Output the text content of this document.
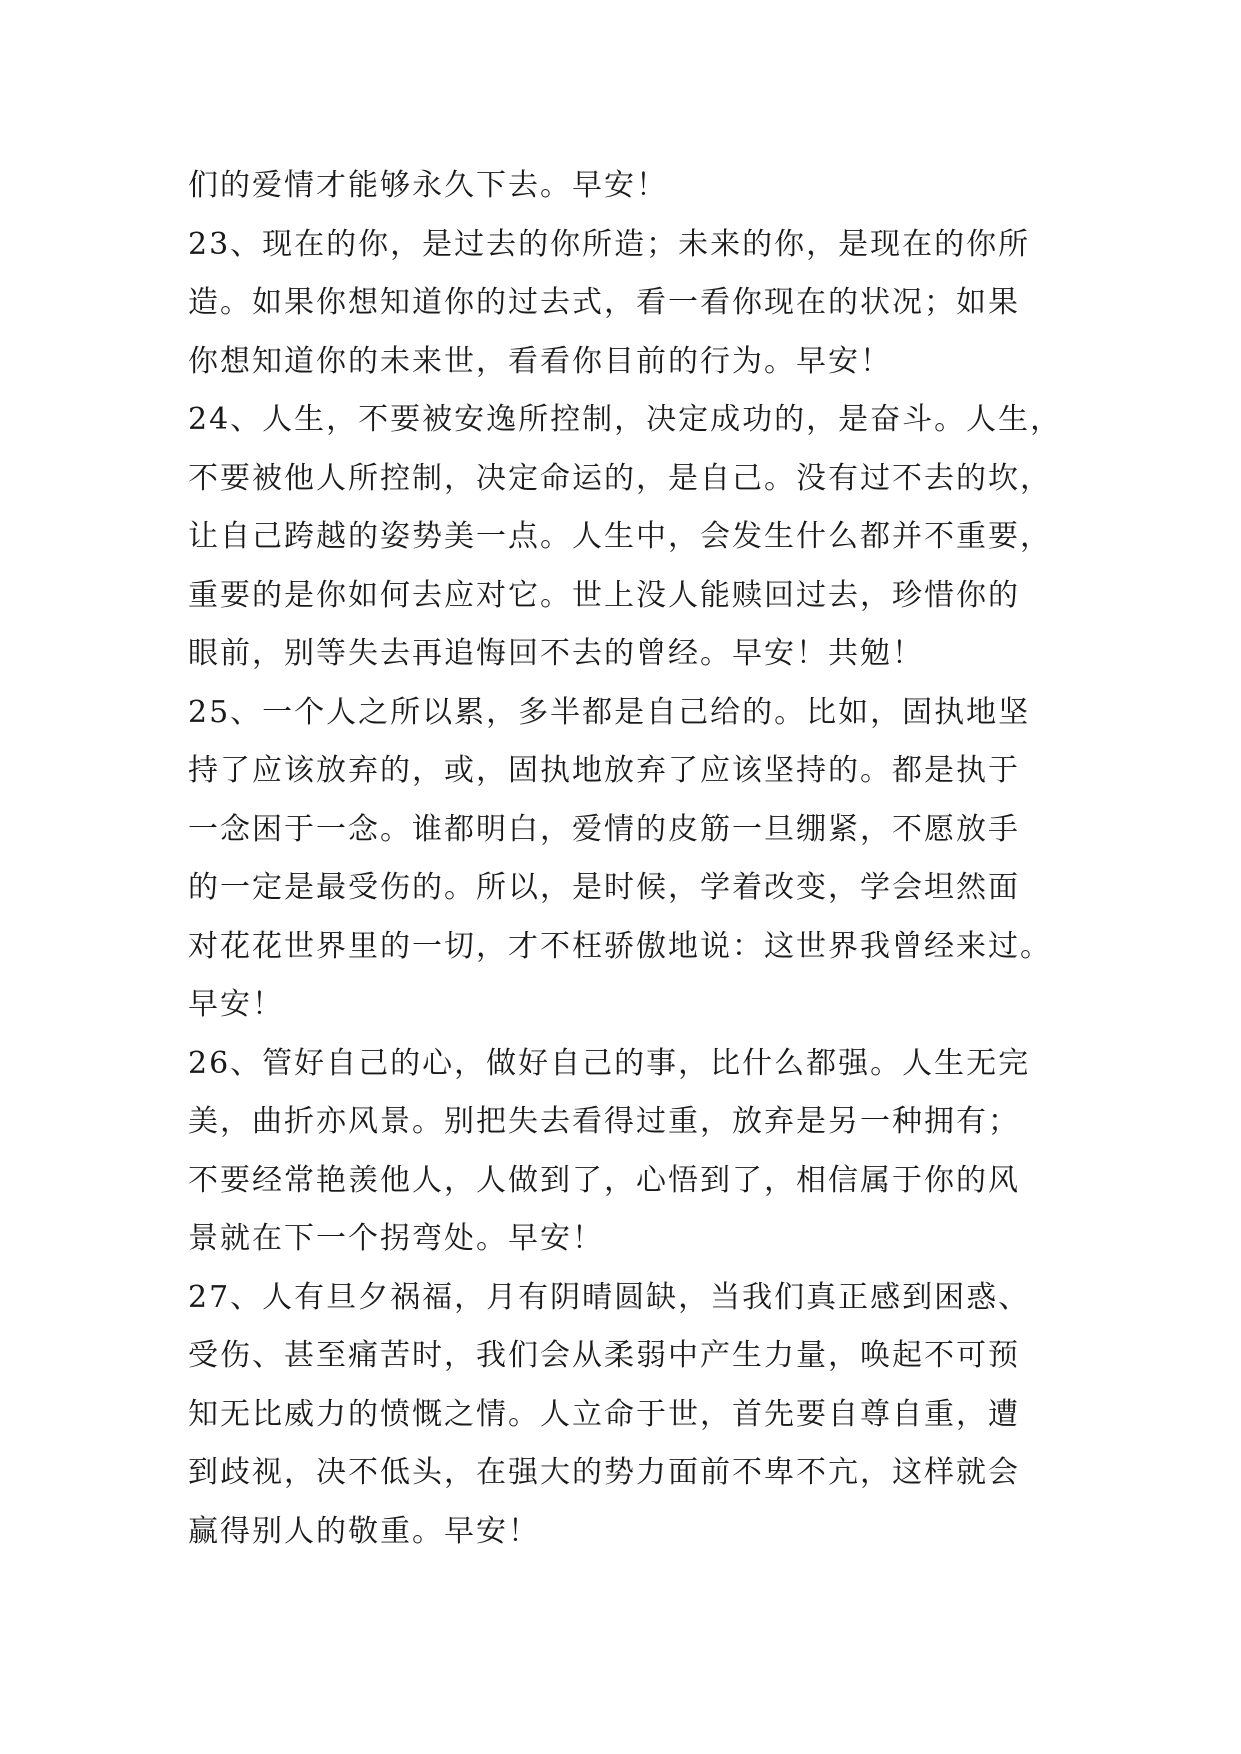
们的爱情才能够永久下去。早安！
23、现在的你，是过去的你所造；未来的你，是现在的你所
造。如果你想知道你的过去式，看一看你现在的状况；如果
你想知道你的未来世，看看你目前的行为。早安！
24、人生，不要被安逸所控制，决定成功的，是奋斗。人生，
不要被他人所控制，决定命运的，是自己。没有过不去的坎，
让自己跨越的姿势美一点。人生中，会发生什么都并不重要，
重要的是你如何去应对它。世上没人能赎回过去，珍惜你的
眼前，别等失去再追悔回不去的曾经。早安！共勉！
25、一个人之所以累，多半都是自己给的。比如，固执地坚
持了应该放弃的，或，固执地放弃了应该坚持的。都是执于
一念困于一念。谁都明白，爱情的皮筋一旦绷紧，不愿放手
的一定是最受伤的。所以，是时候，学着改变，学会坦然面
对花花世界里的一切，才不枉骄傲地说：这世界我曾经来过。
早安！
26、管好自己的心，做好自己的事，比什么都强。人生无完
美，曲折亦风景。别把失去看得过重，放弃是另一种拥有；
不要经常艳羡他人，人做到了，心悟到了，相信属于你的风
景就在下一个拐弯处。早安！
27、人有旦夕祸福，月有阴晴圆缺，当我们真正感到困惑、
受伤、甚至痛苦时，我们会从柔弱中产生力量，唤起不可预
知无比威力的愤慨之情。人立命于世，首先要自尊自重，遭
到歧视，决不低头，在强大的势力面前不卑不亢，这样就会
赢得别人的敬重。早安！
